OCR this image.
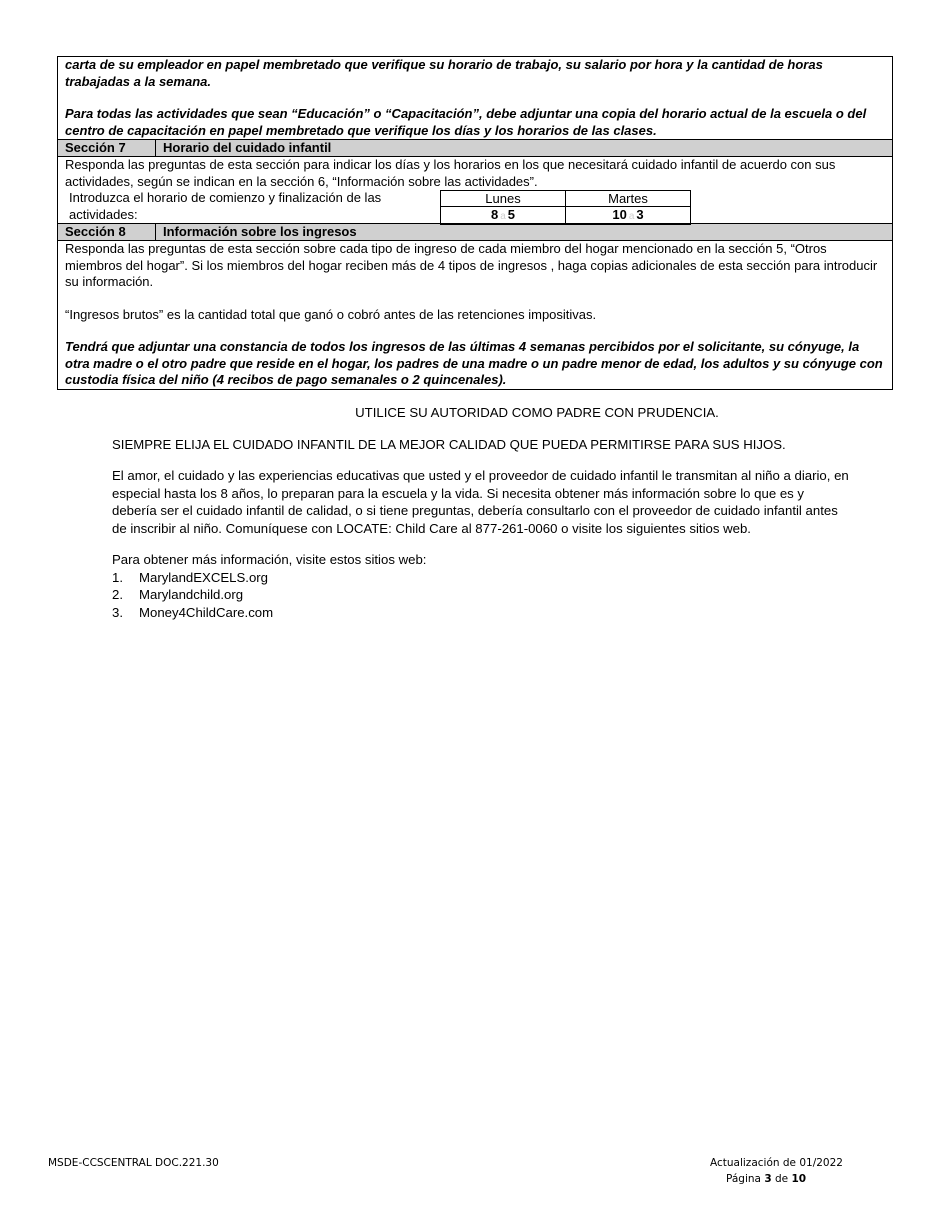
carta de su empleador en papel membretado que verifique su horario de trabajo, su salario por hora y la cantidad de horas trabajadas a la semana.
Para todas las actividades que sean “Educación” o “Capacitación”, debe adjuntar una copia del horario actual de la escuela o del centro de capacitación en papel membretado que verifique los días y los horarios de las clases.
Sección 7	Horario del cuidado infantil
Responda las preguntas de esta sección para indicar los días y los horarios en los que necesitará cuidado infantil de acuerdo con sus actividades, según se indican en la sección 6, “Información sobre las actividades”.
Introduzca el horario de comienzo y finalización de las actividades:
Lunes	Martes
8 a 5	10 a 3
Sección 8	Información sobre los ingresos
Responda las preguntas de esta sección sobre cada tipo de ingreso de cada miembro del hogar mencionado en la sección 5, “Otros miembros del hogar”. Si los miembros del hogar reciben más de 4 tipos de ingresos , haga copias adicionales de esta sección para introducir su información.
“Ingresos brutos” es la cantidad total que ganó o cobró antes de las retenciones impositivas.
Tendrá que adjuntar una constancia de todos los ingresos de las últimas 4 semanas percibidos por el solicitante, su cónyuge, la otra madre o el otro padre que reside en el hogar, los padres de una madre o un padre menor de edad, los adultos y su cónyuge con custodia física del niño (4 recibos de pago semanales o 2 quincenales).

UTILICE SU AUTORIDAD COMO PADRE CON PRUDENCIA.

SIEMPRE ELIJA EL CUIDADO INFANTIL DE LA MEJOR CALIDAD QUE PUEDA PERMITIRSE PARA SUS HIJOS.

El amor, el cuidado y las experiencias educativas que usted y el proveedor de cuidado infantil le transmitan al niño a diario, en especial hasta los 8 años, lo preparan para la escuela y la vida. Si necesita obtener más información sobre lo que es y debería ser el cuidado infantil de calidad, o si tiene preguntas, debería consultarlo con el proveedor de cuidado infantil antes de inscribir al niño. Comuníquese con LOCATE: Child Care al 877-261-0060 o visite los siguientes sitios web.

Para obtener más información, visite estos sitios web:

1.	MarylandEXCELS.org
2.	Marylandchild.org
3.	Money4ChildCare.com
MSDE-CCSCENTRAL DOC.221.30	Actualización de 01/2022
Página 3 de 10
